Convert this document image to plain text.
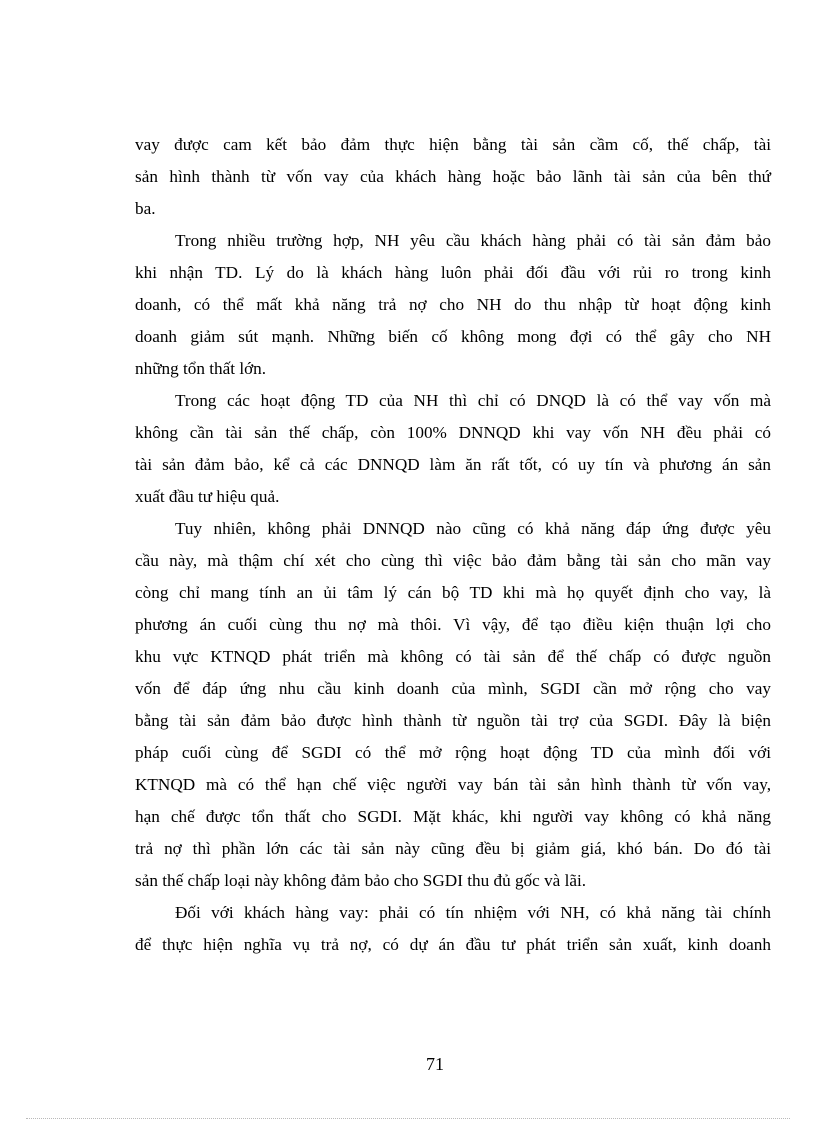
vay được cam kết bảo đảm thực hiện bằng tài sản cầm cố, thế chấp, tài
sản hình thành từ vốn vay của khách hàng hoặc bảo lãnh tài sản của bên thứ
ba.

Trong nhiều trường hợp, NH yêu cầu khách hàng phải có tài sản đảm bảo
khi nhận TD. Lý do là khách hàng luôn phải đối đầu với rủi ro trong kinh
doanh, có thể mất khả năng trả nợ cho NH do thu nhập từ hoạt động kinh
doanh giảm sút mạnh. Những biến cố không mong đợi có thể gây cho NH
những tổn thất lớn.

Trong các hoạt động TD của NH thì chỉ có DNQD là có thể vay vốn mà
không cần tài sản thế chấp, còn 100% DNNQD khi vay vốn NH đều phải có
tài sản đảm bảo, kể cả các DNNQD làm ăn rất tốt, có uy tín và phương án sản
xuất đầu tư hiệu quả.

Tuy nhiên, không phải DNNQD nào cũng có khả năng đáp ứng được yêu
cầu này, mà thậm chí xét cho cùng thì việc bảo đảm bằng tài sản cho mãn vay
còng chỉ mang tính an ủi tâm lý cán bộ TD khi mà họ quyết định cho vay, là
phương án cuối cùng thu nợ mà thôi. Vì vậy, để tạo điều kiện thuận lợi cho
khu vực KTNQD phát triển mà không có tài sản để thế chấp có được nguồn
vốn để đáp ứng nhu cầu kinh doanh của mình, SGDI cần mở rộng cho vay
bằng tài sản đảm bảo được hình thành từ nguồn tài trợ của SGDI. Đây là biện
pháp cuối cùng để SGDI có thể mở rộng hoạt động TD của mình đối với
KTNQD mà có thể hạn chế việc người vay bán tài sản hình thành từ vốn vay,
hạn chế được tổn thất cho SGDI. Mặt khác, khi người vay không có khả năng
trả nợ thì phần lớn các tài sản này cũng đều bị giảm giá, khó bán. Do đó tài
sản thế chấp loại này không đảm bảo cho SGDI thu đủ gốc và lãi.

Đối với khách hàng vay: phải có tín nhiệm với NH, có khả năng tài chính
để thực hiện nghĩa vụ trả nợ, có dự án đầu tư phát triển sản xuất, kinh doanh

71
